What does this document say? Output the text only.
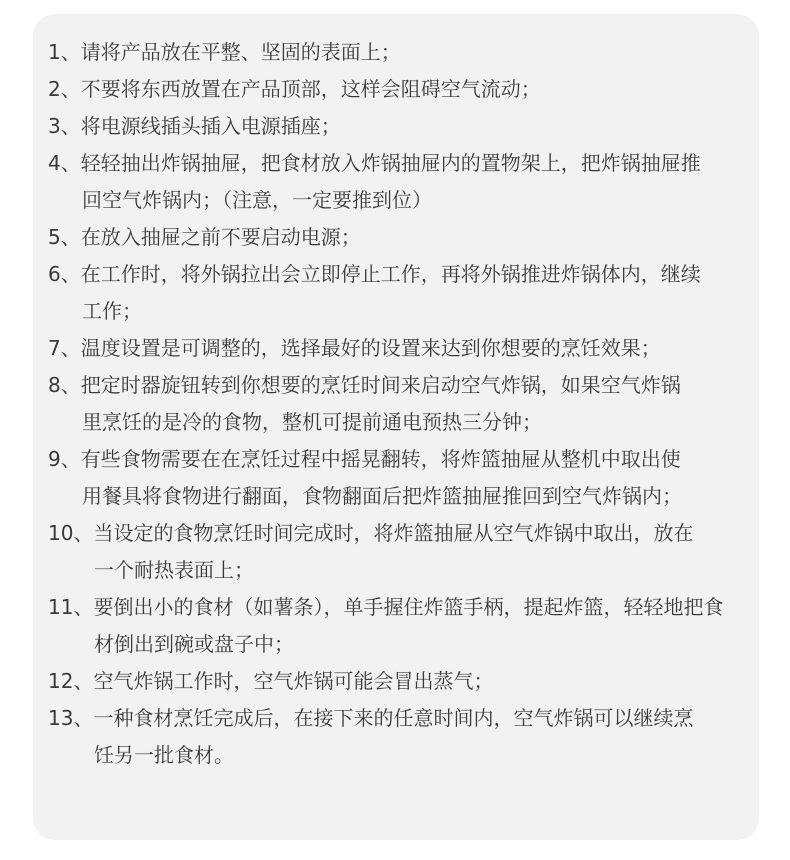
1、请将产品放在平整、坚固的表面上；
2、不要将东西放置在产品顶部，这样会阻碍空气流动；
3、将电源线插头插入电源插座；
4、轻轻抽出炸锅抽屉，把食材放入炸锅抽屉内的置物架上，把炸锅抽屉推
回空气炸锅内；（注意，一定要推到位）
5、在放入抽屉之前不要启动电源；
6、在工作时，将外锅拉出会立即停止工作，再将外锅推进炸锅体内，继续
工作；
7、温度设置是可调整的，选择最好的设置来达到你想要的烹饪效果；
8、把定时器旋钮转到你想要的烹饪时间来启动空气炸锅，如果空气炸锅
里烹饪的是冷的食物，整机可提前通电预热三分钟；
9、有些食物需要在在烹饪过程中摇晃翻转，将炸篮抽屉从整机中取出使
用餐具将食物进行翻面，食物翻面后把炸篮抽屉推回到空气炸锅内；
10、当设定的食物烹饪时间完成时，将炸篮抽屉从空气炸锅中取出，放在
一个耐热表面上；
11、要倒出小的食材（如薯条），单手握住炸篮手柄，提起炸篮，轻轻地把食
材倒出到碗或盘子中；
12、空气炸锅工作时，空气炸锅可能会冒出蒸气；
13、一种食材烹饪完成后，在接下来的任意时间内，空气炸锅可以继续烹
饪另一批食材。
